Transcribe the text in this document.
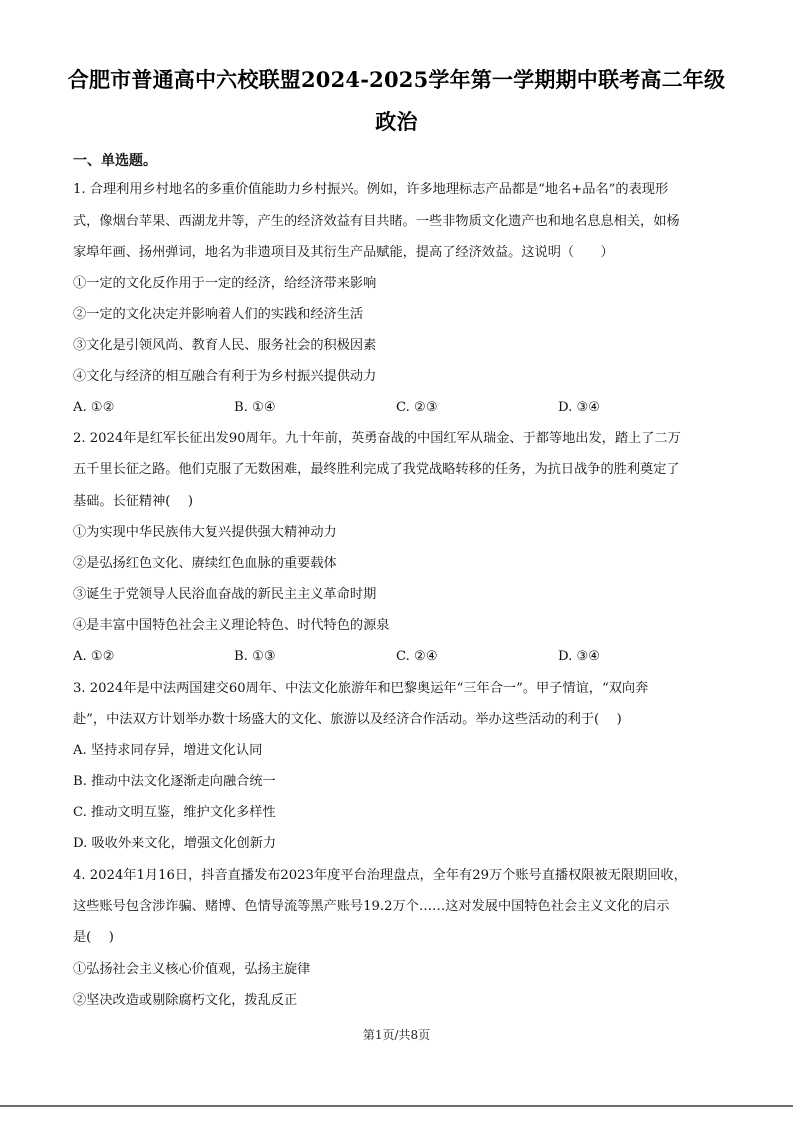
合肥市普通高中六校联盟2024-2025学年第一学期期中联考高二年级
政治
一、单选题。
1. 合理利用乡村地名的多重价值能助力乡村振兴。例如，许多地理标志产品都是“地名+品名”的表现形
式，像烟台苹果、西湖龙井等，产生的经济效益有目共睹。一些非物质文化遗产也和地名息息相关，如杨
家埠年画、扬州弹词，地名为非遗项目及其衍生产品赋能，提高了经济效益。这说明（　　）
①一定的文化反作用于一定的经济，给经济带来影响
②一定的文化决定并影响着人们的实践和经济生活
③文化是引领风尚、教育人民、服务社会的积极因素
④文化与经济的相互融合有利于为乡村振兴提供动力
A. ①②	B. ①④	C. ②③	D. ③④
2. 2024年是红军长征出发90周年。九十年前，英勇奋战的中国红军从瑞金、于都等地出发，踏上了二万
五千里长征之路。他们克服了无数困难，最终胜利完成了我党战略转移的任务，为抗日战争的胜利奠定了
基础。长征精神(　 )
①为实现中华民族伟大复兴提供强大精神动力
②是弘扬红色文化、赓续红色血脉的重要载体
③诞生于党领导人民浴血奋战的新民主主义革命时期
④是丰富中国特色社会主义理论特色、时代特色的源泉
A. ①②	B. ①③	C. ②④	D. ③④
3. 2024年是中法两国建交60周年、中法文化旅游年和巴黎奥运年“三年合一”。甲子情谊，“双向奔
赴”，中法双方计划举办数十场盛大的文化、旅游以及经济合作活动。举办这些活动的利于(　 )
A. 坚持求同存异，增进文化认同
B. 推动中法文化逐渐走向融合统一
C. 推动文明互鉴，维护文化多样性
D. 吸收外来文化，增强文化创新力
4. 2024年1月16日，抖音直播发布2023年度平台治理盘点，全年有29万个账号直播权限被无限期回收，
这些账号包含涉诈骗、赌博、色情导流等黑产账号19.2万个……这对发展中国特色社会主义文化的启示
是(　 )
①弘扬社会主义核心价值观，弘扬主旋律
②坚决改造或剔除腐朽文化，拨乱反正
第1页/共8页
